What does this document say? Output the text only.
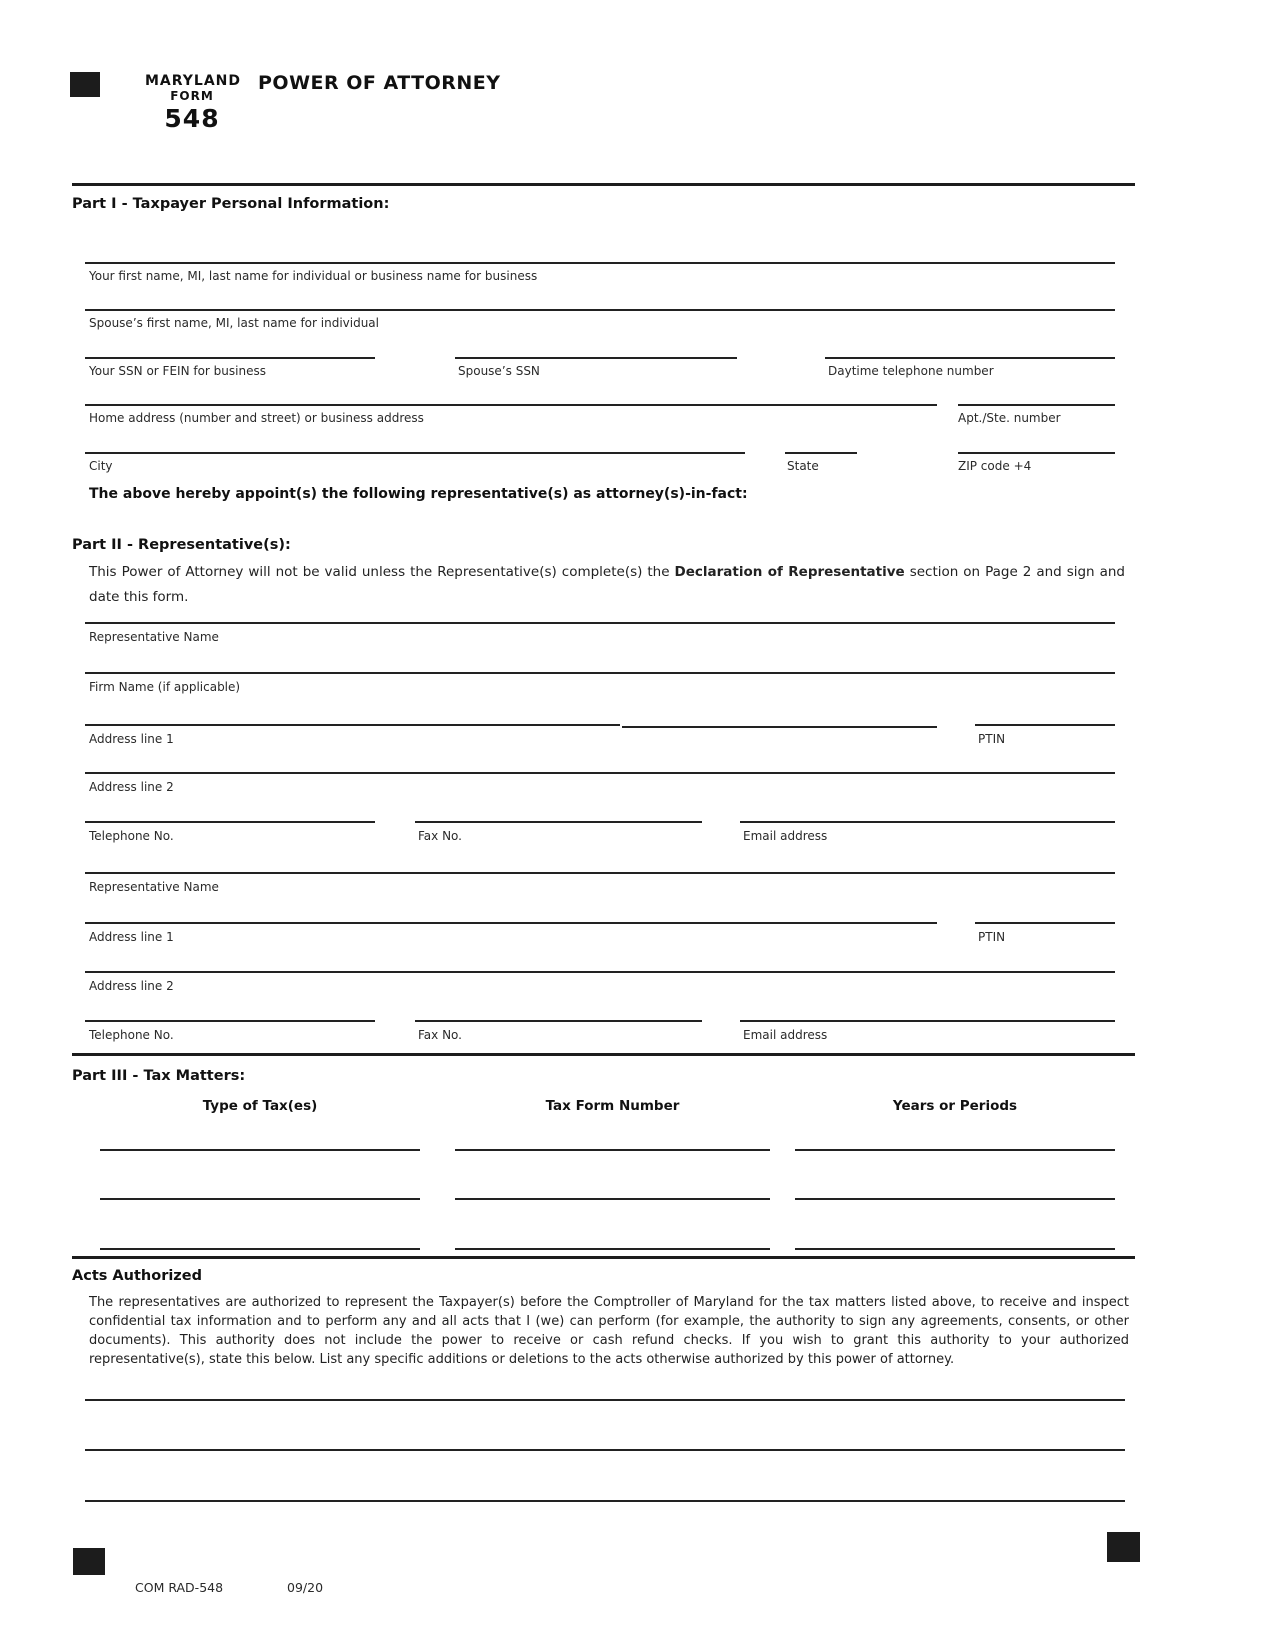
MARYLAND
FORM
548
POWER OF ATTORNEY
Part I - Taxpayer Personal Information:
Your first name, MI, last name for individual or business name for business
Spouse’s first name, MI, last name for individual
Your SSN or FEIN for business	Spouse’s SSN	Daytime telephone number
Home address (number and street) or business address	Apt./Ste. number
City	State	ZIP code +4
The above hereby appoint(s) the following representative(s) as attorney(s)-in-fact:
Part II - Representative(s):
This Power of Attorney will not be valid unless the Representative(s) complete(s) the Declaration of Representative section on Page 2 and sign and date this form.
Representative Name
Firm Name (if applicable)
Address line 1	PTIN
Address line 2
Telephone No.	Fax No.	Email address
Representative Name
Address line 1	PTIN
Address line 2
Telephone No.	Fax No.	Email address
Part III - Tax Matters:
Type of Tax(es)	Tax Form Number	Years or Periods
Acts Authorized
The representatives are authorized to represent the Taxpayer(s) before the Comptroller of Maryland for the tax matters listed above, to receive and inspect confidential tax information and to perform any and all acts that I (we) can perform (for example, the authority to sign any agreements, consents, or other documents). This authority does not include the power to receive or cash refund checks. If you wish to grant this authority to your authorized representative(s), state this below. List any specific additions or deletions to the acts otherwise authorized by this power of attorney.
COM RAD-548	09/20
